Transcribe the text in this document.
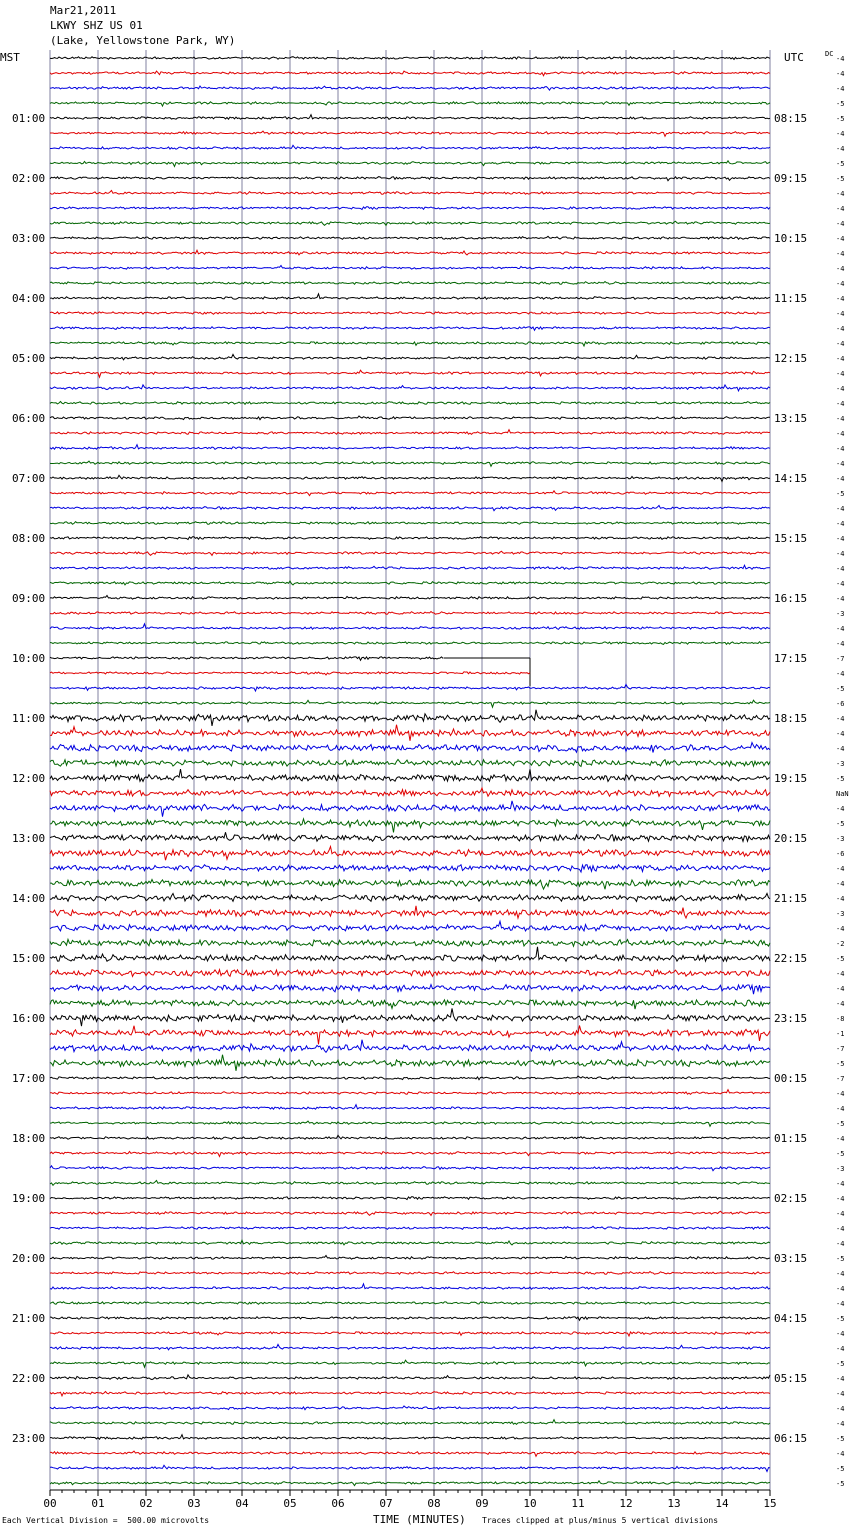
Mar21,2011
LKWY SHZ US 01
(Lake, Yellowstone Park, WY)
MST	UTC	DC
-4
-4
-4
-5
-5
01:00	08:15
-4
-4
-5
-5
02:00	09:15
-4
-4
-4
-4
03:00	10:15
-4
-4
-4
-4
04:00	11:15
-4
-4
-4
-4
05:00	12:15
-4
-4
-4
-4
06:00	13:15
-4
-4
-4
-4
07:00	14:15
-5
-4
-4
-4
08:00	15:15
-4
-4
-4
-4
09:00	16:15
-3
-4
-4
-7
10:00	17:15
-4
-5
-6
-4
11:00	18:15
-4
-4
-3
-5
12:00	19:15
NaN
-4
-5
-3
13:00	20:15
-6
-4
-4
-4
14:00	21:15
-3
-4
-2
-5
15:00	22:15
-4
-4
-4
-8
16:00	23:15
-1
-7
-5
-7
17:00	00:15
-4
-4
-5
-4
18:00	01:15
-5
-3
-4
-4
19:00	02:15
-4
-4
-4
-5
20:00	03:15
-4
-4
-4
-5
21:00	04:15
-4
-4
-5
-4
22:00	05:15
-4
-4
-4
-5
23:00	06:15
-4
-5
-5
00	01	02	03	04	05	06	07	08	09	10	11	12	13	14	15
Each Vertical Division =  500.00 microvolts	TIME (MINUTES) Traces clipped at plus/minus 5 vertical divisions
